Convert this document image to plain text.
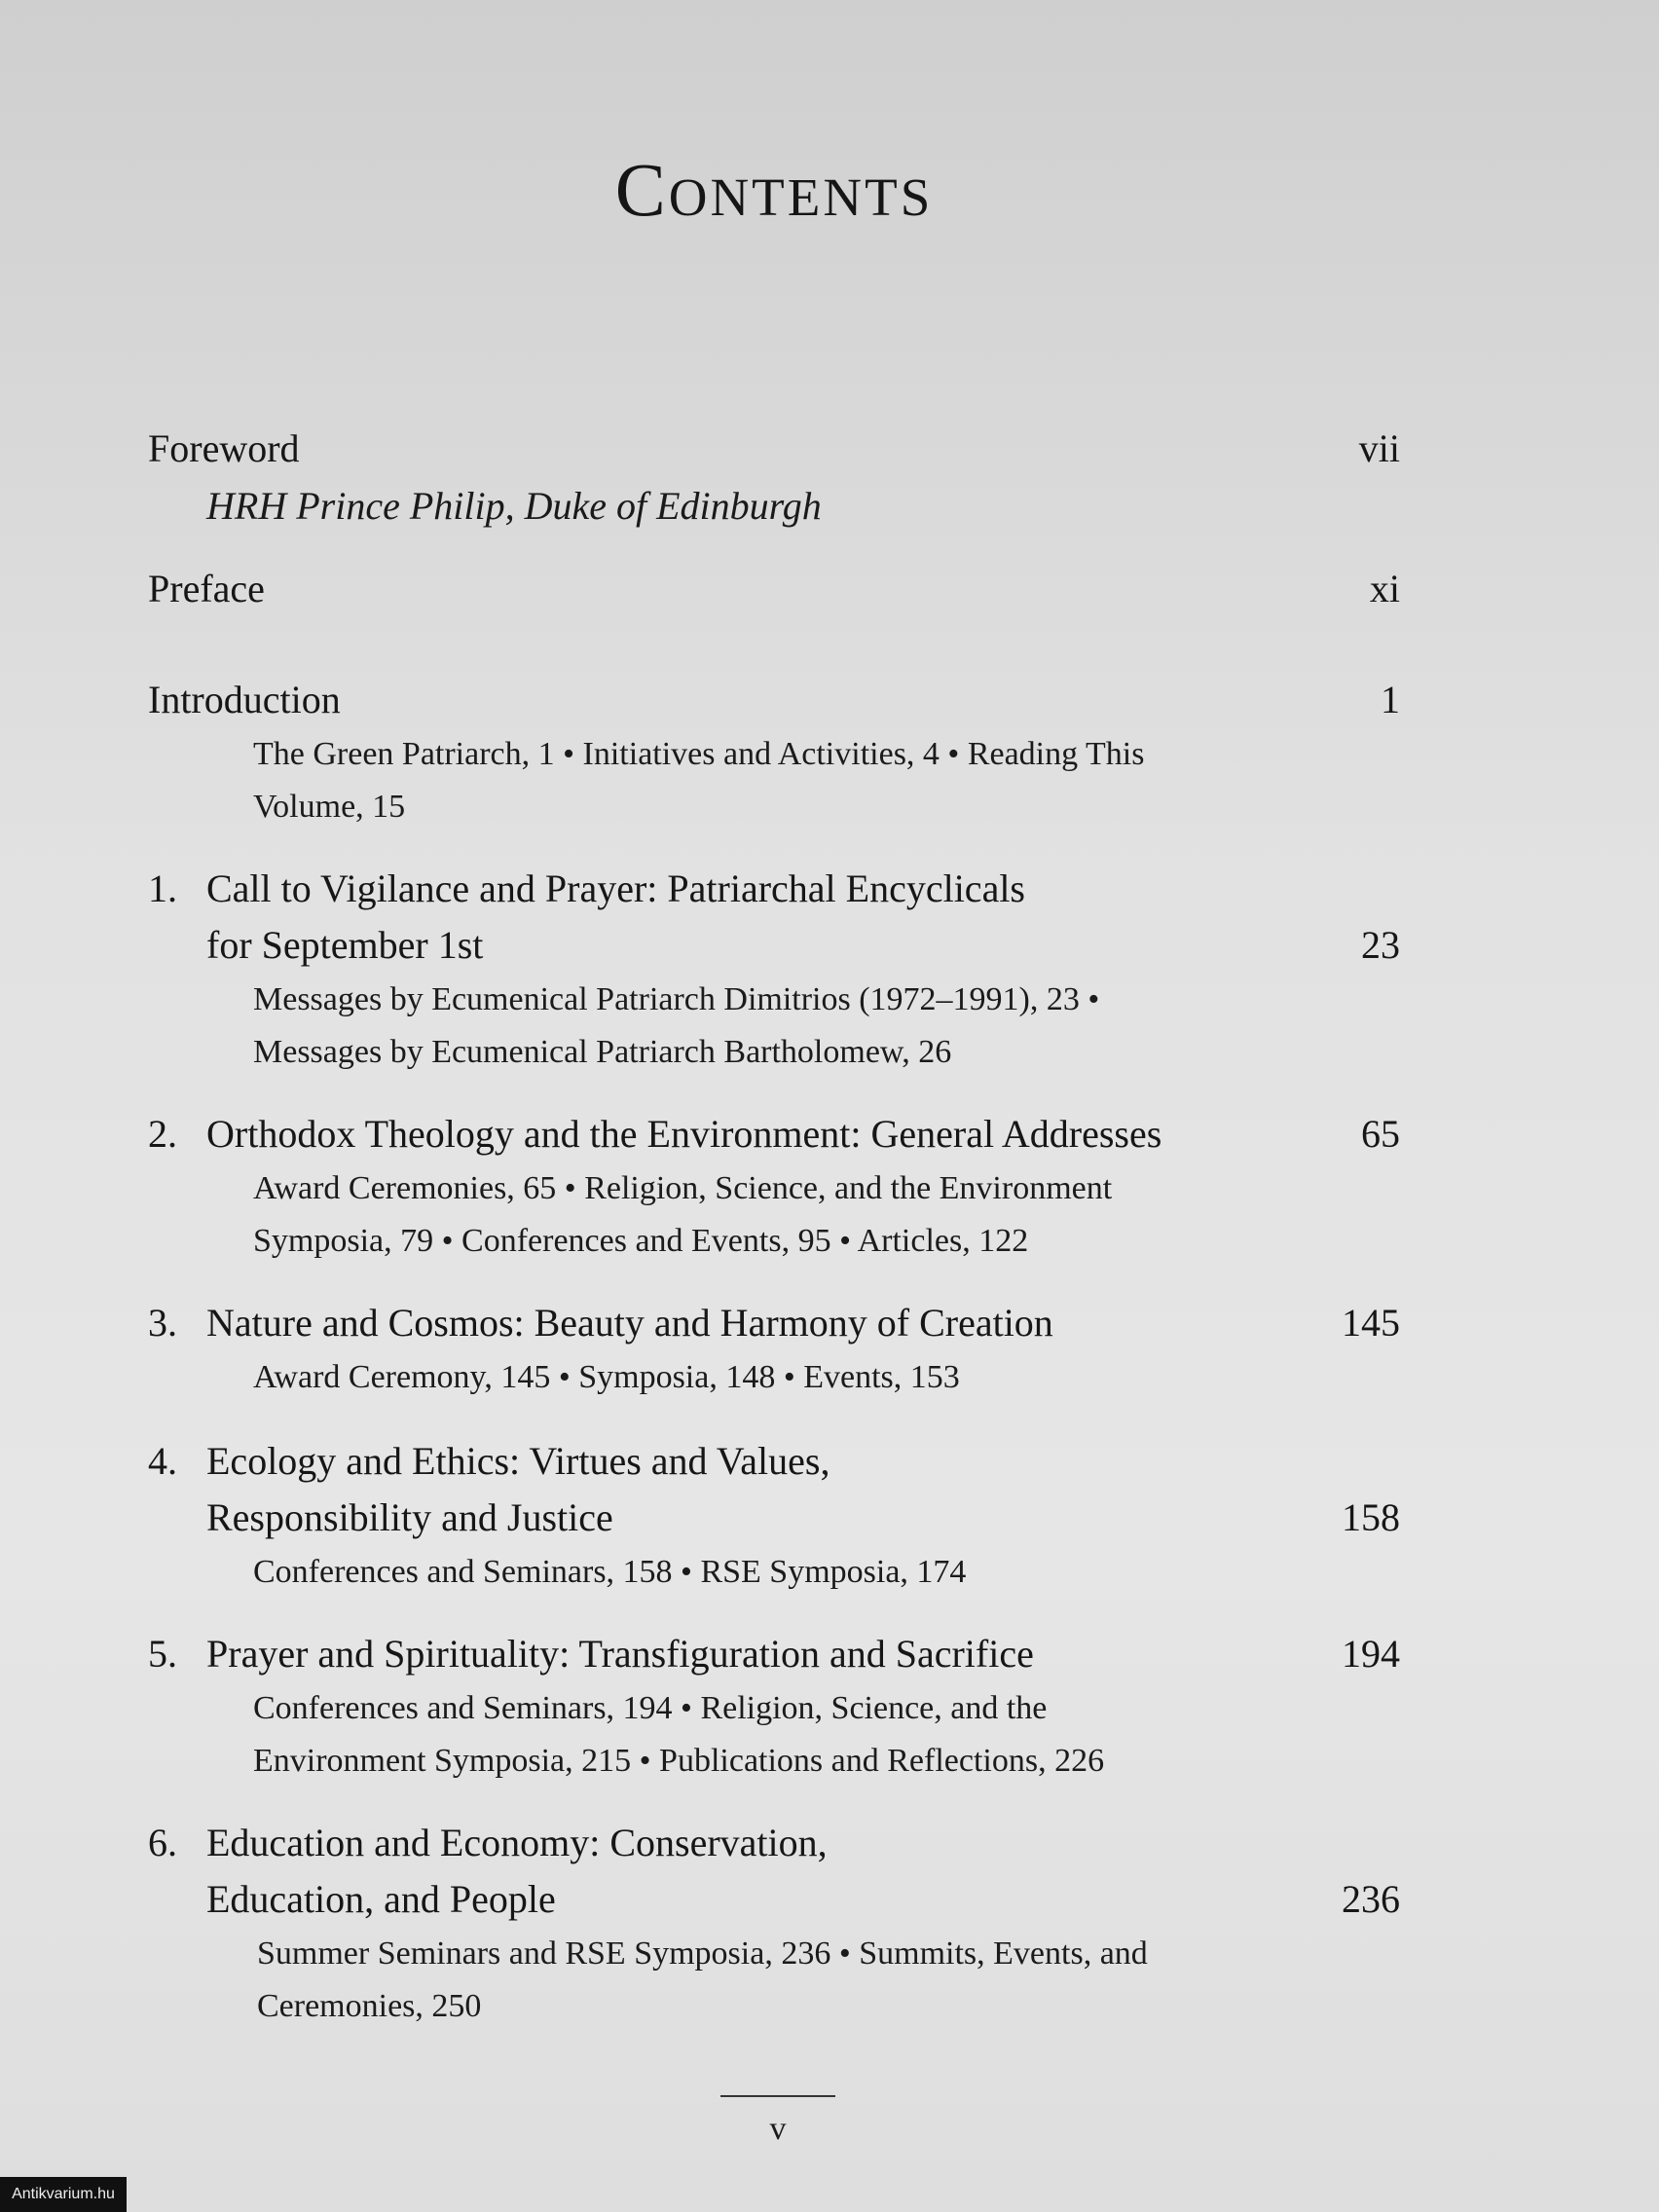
Contents
Foreword	vii
HRH Prince Philip, Duke of Edinburgh
Preface	xi
Introduction	1
The Green Patriarch, 1 • Initiatives and Activities, 4 • Reading This
Volume, 15
1. Call to Vigilance and Prayer: Patriarchal Encyclicals
for September 1st	23
Messages by Ecumenical Patriarch Dimitrios (1972–1991), 23 •
Messages by Ecumenical Patriarch Bartholomew, 26
2. Orthodox Theology and the Environment: General Addresses	65
Award Ceremonies, 65 • Religion, Science, and the Environment
Symposia, 79 • Conferences and Events, 95 • Articles, 122
3. Nature and Cosmos: Beauty and Harmony of Creation	145
Award Ceremony, 145 • Symposia, 148 • Events, 153
4. Ecology and Ethics: Virtues and Values,
Responsibility and Justice	158
Conferences and Seminars, 158 • RSE Symposia, 174
5. Prayer and Spirituality: Transfiguration and Sacrifice	194
Conferences and Seminars, 194 • Religion, Science, and the
Environment Symposia, 215 • Publications and Reflections, 226
6. Education and Economy: Conservation,
Education, and People	236
Summer Seminars and RSE Symposia, 236 • Summits, Events, and
Ceremonies, 250
v
Antikvarium.hu
